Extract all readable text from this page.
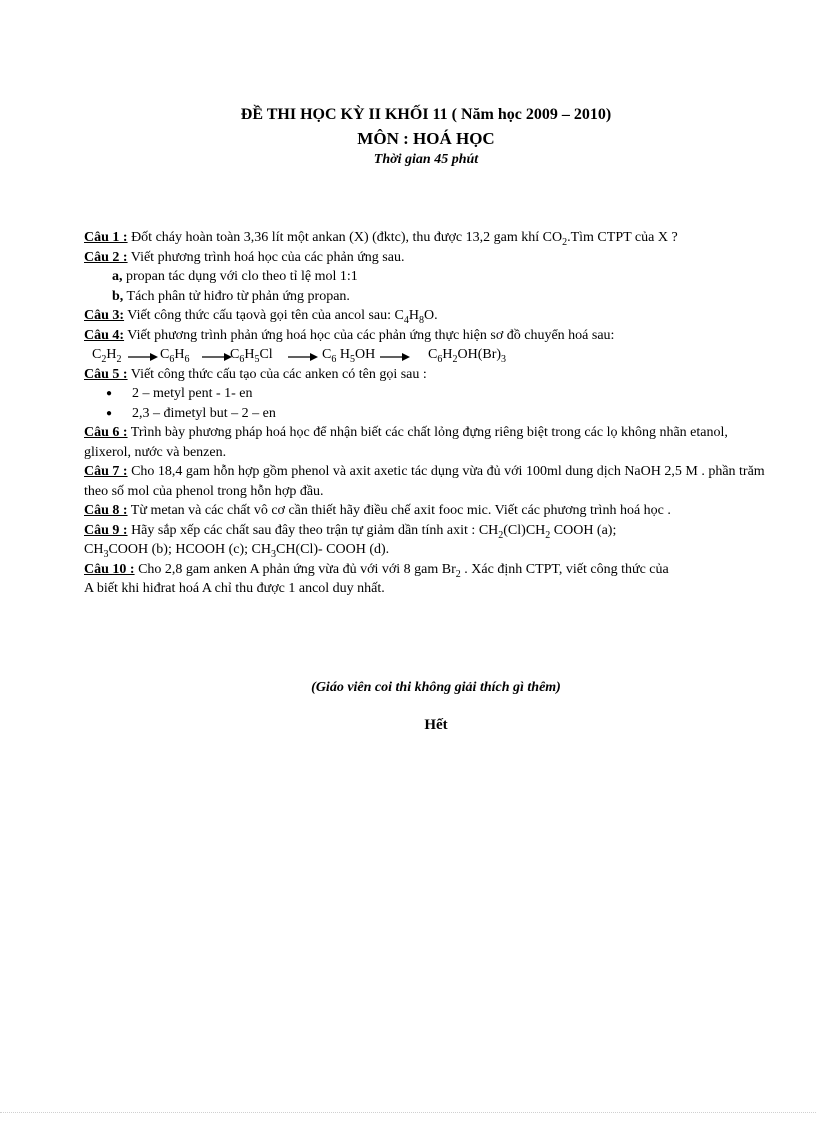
ĐỀ THI HỌC KỲ II KHỐI 11 ( Năm học 2009 – 2010)
MÔN : HOÁ HỌC
Thời gian 45 phút
Câu 1 : Đốt cháy hoàn toàn 3,36 lít một ankan (X) (đktc), thu được 13,2 gam khí $CO_2.Tìm$ CTPT của X ?
Câu 2 : Viết phương trình hoá học của các phản ứng sau.
a, propan tác dụng với clo theo tỉ lệ mol 1:1
b, Tách phân tử hiđro từ phản ứng propan.
Câu 3: Viết công thức cấu tạovà gọi tên của ancol sau: $C_4H_8O$.
Câu 4: Viết phương trình phản ứng hoá học của các phản ứng thực hiện sơ đồ chuyển hoá sau:
$C_2H_2 \to C_6H_6$ →
$C_6H_5Cl \to C_6$ $H_5OH \to C_6H_2OH(Br)_3$
Câu 5 : Viết công thức cấu tạo của các anken có tên gọi sau :
● 2 – metyl pent - 1- en
● 2,3 – đimetyl but – 2 – en
Câu 6 : Trình bày phương pháp hoá học để nhận biết các chất lỏng đựng riêng biệt trong các lọ không nhãn etanol, glixerol, nước và benzen.
Câu 7 : Cho 18,4 gam hỗn hợp gồm phenol và axit axetic tác dụng vừa đủ với 100ml dung dịch NaOH 2,5 M . phần trăm theo số mol của phenol trong hỗn hợp đầu.
Câu 8 : Từ metan và các chất vô cơ cần thiết hãy điều chế axit fooc mic. Viết các phương trình hoá học .
Câu 9 : Hãy sắp xếp các chất sau đây theo trận tự giảm dần tính axit : $CH_2(Cl)CH_2$ COOH (a);
$CH_3COOH$ (b); HCOOH (c); $CH_3CH(Cl)-$ COOH (d).
Câu 10 : Cho 2,8 gam anken A phản ứng vừa đủ với với 8 gam $Br_2$ . Xác định CTPT, viết công thức của
A biết khi hiđrat hoá A chỉ thu được 1 ancol duy nhất.
(Giáo viên coi thi không giải thích gì thêm)
Hết
